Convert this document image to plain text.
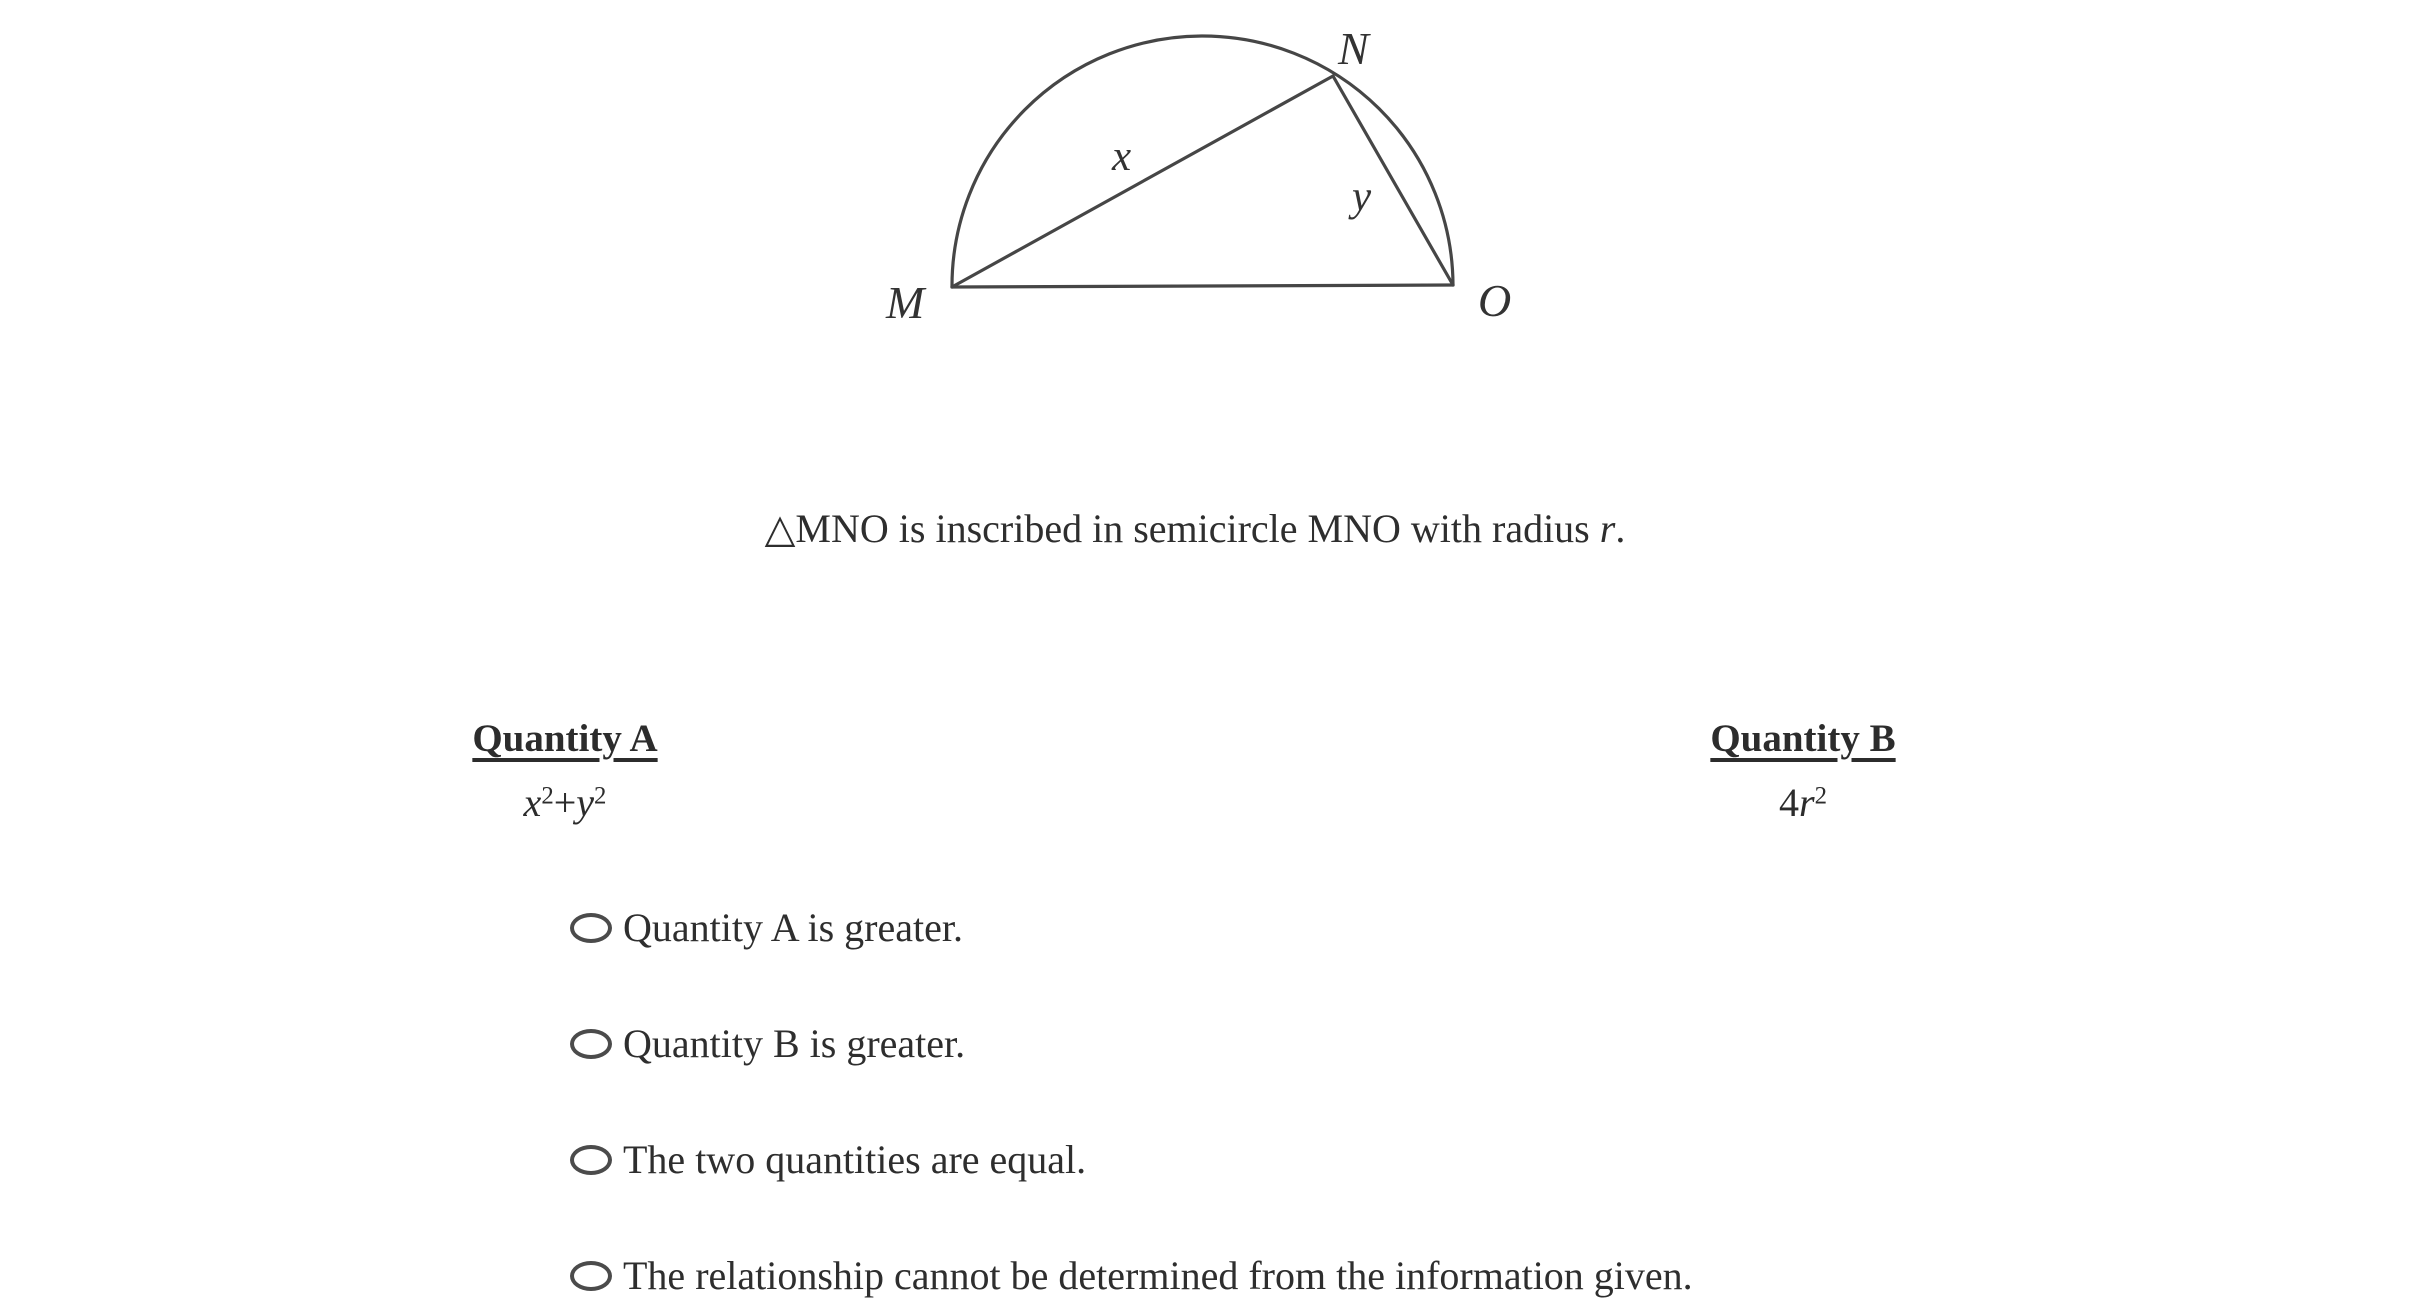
M
N
O
x
y
△MNO is inscribed in semicircle MNO with radius r.
Quantity A
$x^2+y^2$
Quantity B
$4r^2$
Quantity A is greater.
Quantity B is greater.
The two quantities are equal.
The relationship cannot be determined from the information given.
